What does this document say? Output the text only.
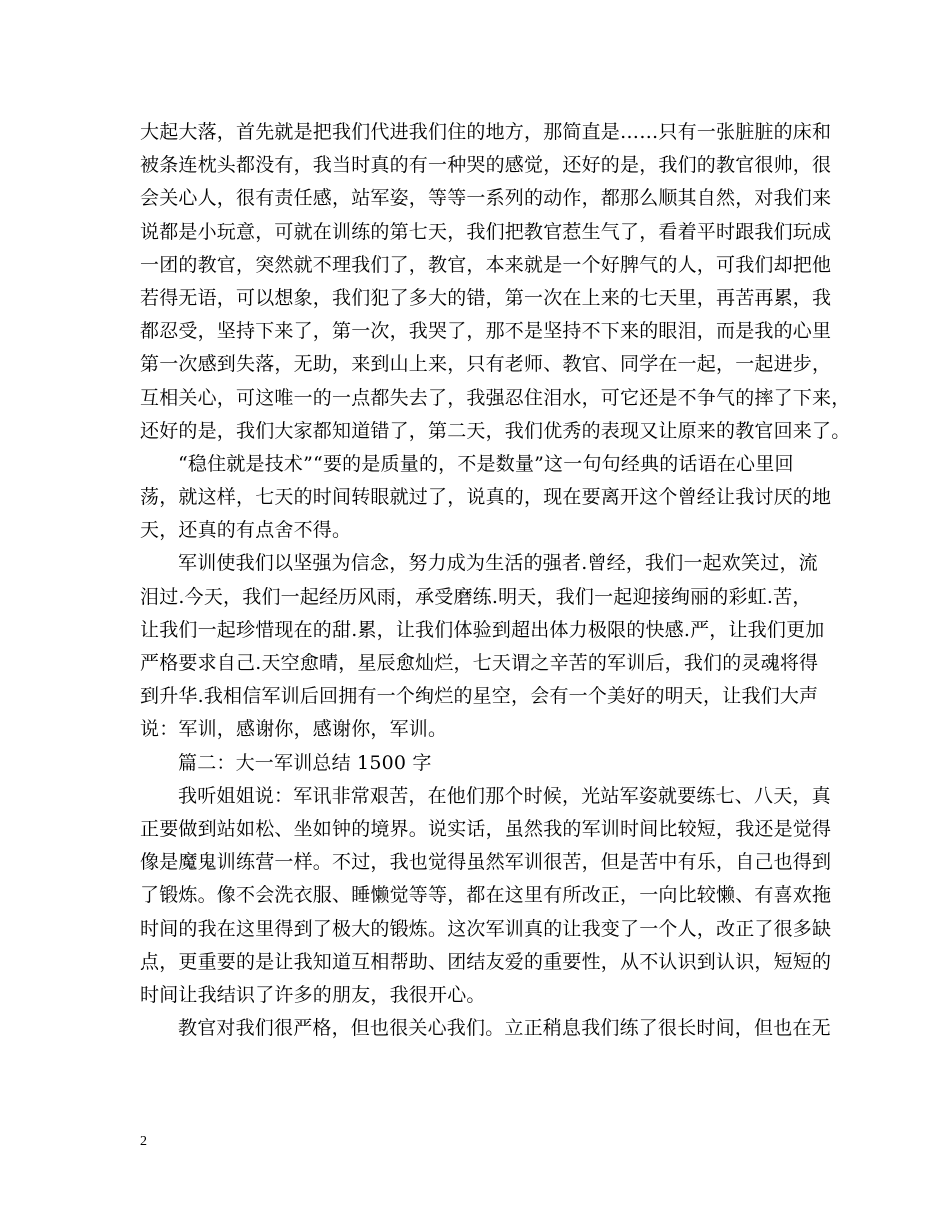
大起大落，首先就是把我们代进我们住的地方，那简直是……只有一张脏脏的床和
被条连枕头都没有，我当时真的有一种哭的感觉，还好的是，我们的教官很帅，很
会关心人，很有责任感，站军姿，等等一系列的动作，都那么顺其自然，对我们来
说都是小玩意，可就在训练的第七天，我们把教官惹生气了，看着平时跟我们玩成
一团的教官，突然就不理我们了，教官，本来就是一个好脾气的人，可我们却把他
若得无语，可以想象，我们犯了多大的错，第一次在上来的七天里，再苦再累，我
都忍受，坚持下来了，第一次，我哭了，那不是坚持不下来的眼泪，而是我的心里
第一次感到失落，无助，来到山上来，只有老师、教官、同学在一起，一起进步，
互相关心，可这唯一的一点都失去了，我强忍住泪水，可它还是不争气的摔了下来，
还好的是，我们大家都知道错了，第二天，我们优秀的表现又让原来的教官回来了。
“稳住就是技术”“要的是质量的，不是数量”这一句句经典的话语在心里回
荡，就这样，七天的时间转眼就过了，说真的，现在要离开这个曾经让我讨厌的地
天，还真的有点舍不得。
军训使我们以坚强为信念，努力成为生活的强者.曾经，我们一起欢笑过，流
泪过.今天，我们一起经历风雨，承受磨练.明天，我们一起迎接绚丽的彩虹.苦，
让我们一起珍惜现在的甜.累，让我们体验到超出体力极限的快感.严，让我们更加
严格要求自己.天空愈晴，星辰愈灿烂，七天谓之辛苦的军训后，我们的灵魂将得
到升华.我相信军训后回拥有一个绚烂的星空，会有一个美好的明天，让我们大声
说：军训，感谢你，感谢你，军训。
篇二：大一军训总结 1500 字
我听姐姐说：军讯非常艰苦，在他们那个时候，光站军姿就要练七、八天，真
正要做到站如松、坐如钟的境界。说实话，虽然我的军训时间比较短，我还是觉得
像是魔鬼训练营一样。不过，我也觉得虽然军训很苦，但是苦中有乐，自己也得到
了锻炼。像不会洗衣服、睡懒觉等等，都在这里有所改正，一向比较懒、有喜欢拖
时间的我在这里得到了极大的锻炼。这次军训真的让我变了一个人，改正了很多缺
点，更重要的是让我知道互相帮助、团结友爱的重要性，从不认识到认识，短短的
时间让我结识了许多的朋友，我很开心。
教官对我们很严格，但也很关心我们。立正稍息我们练了很长时间，但也在无
2
